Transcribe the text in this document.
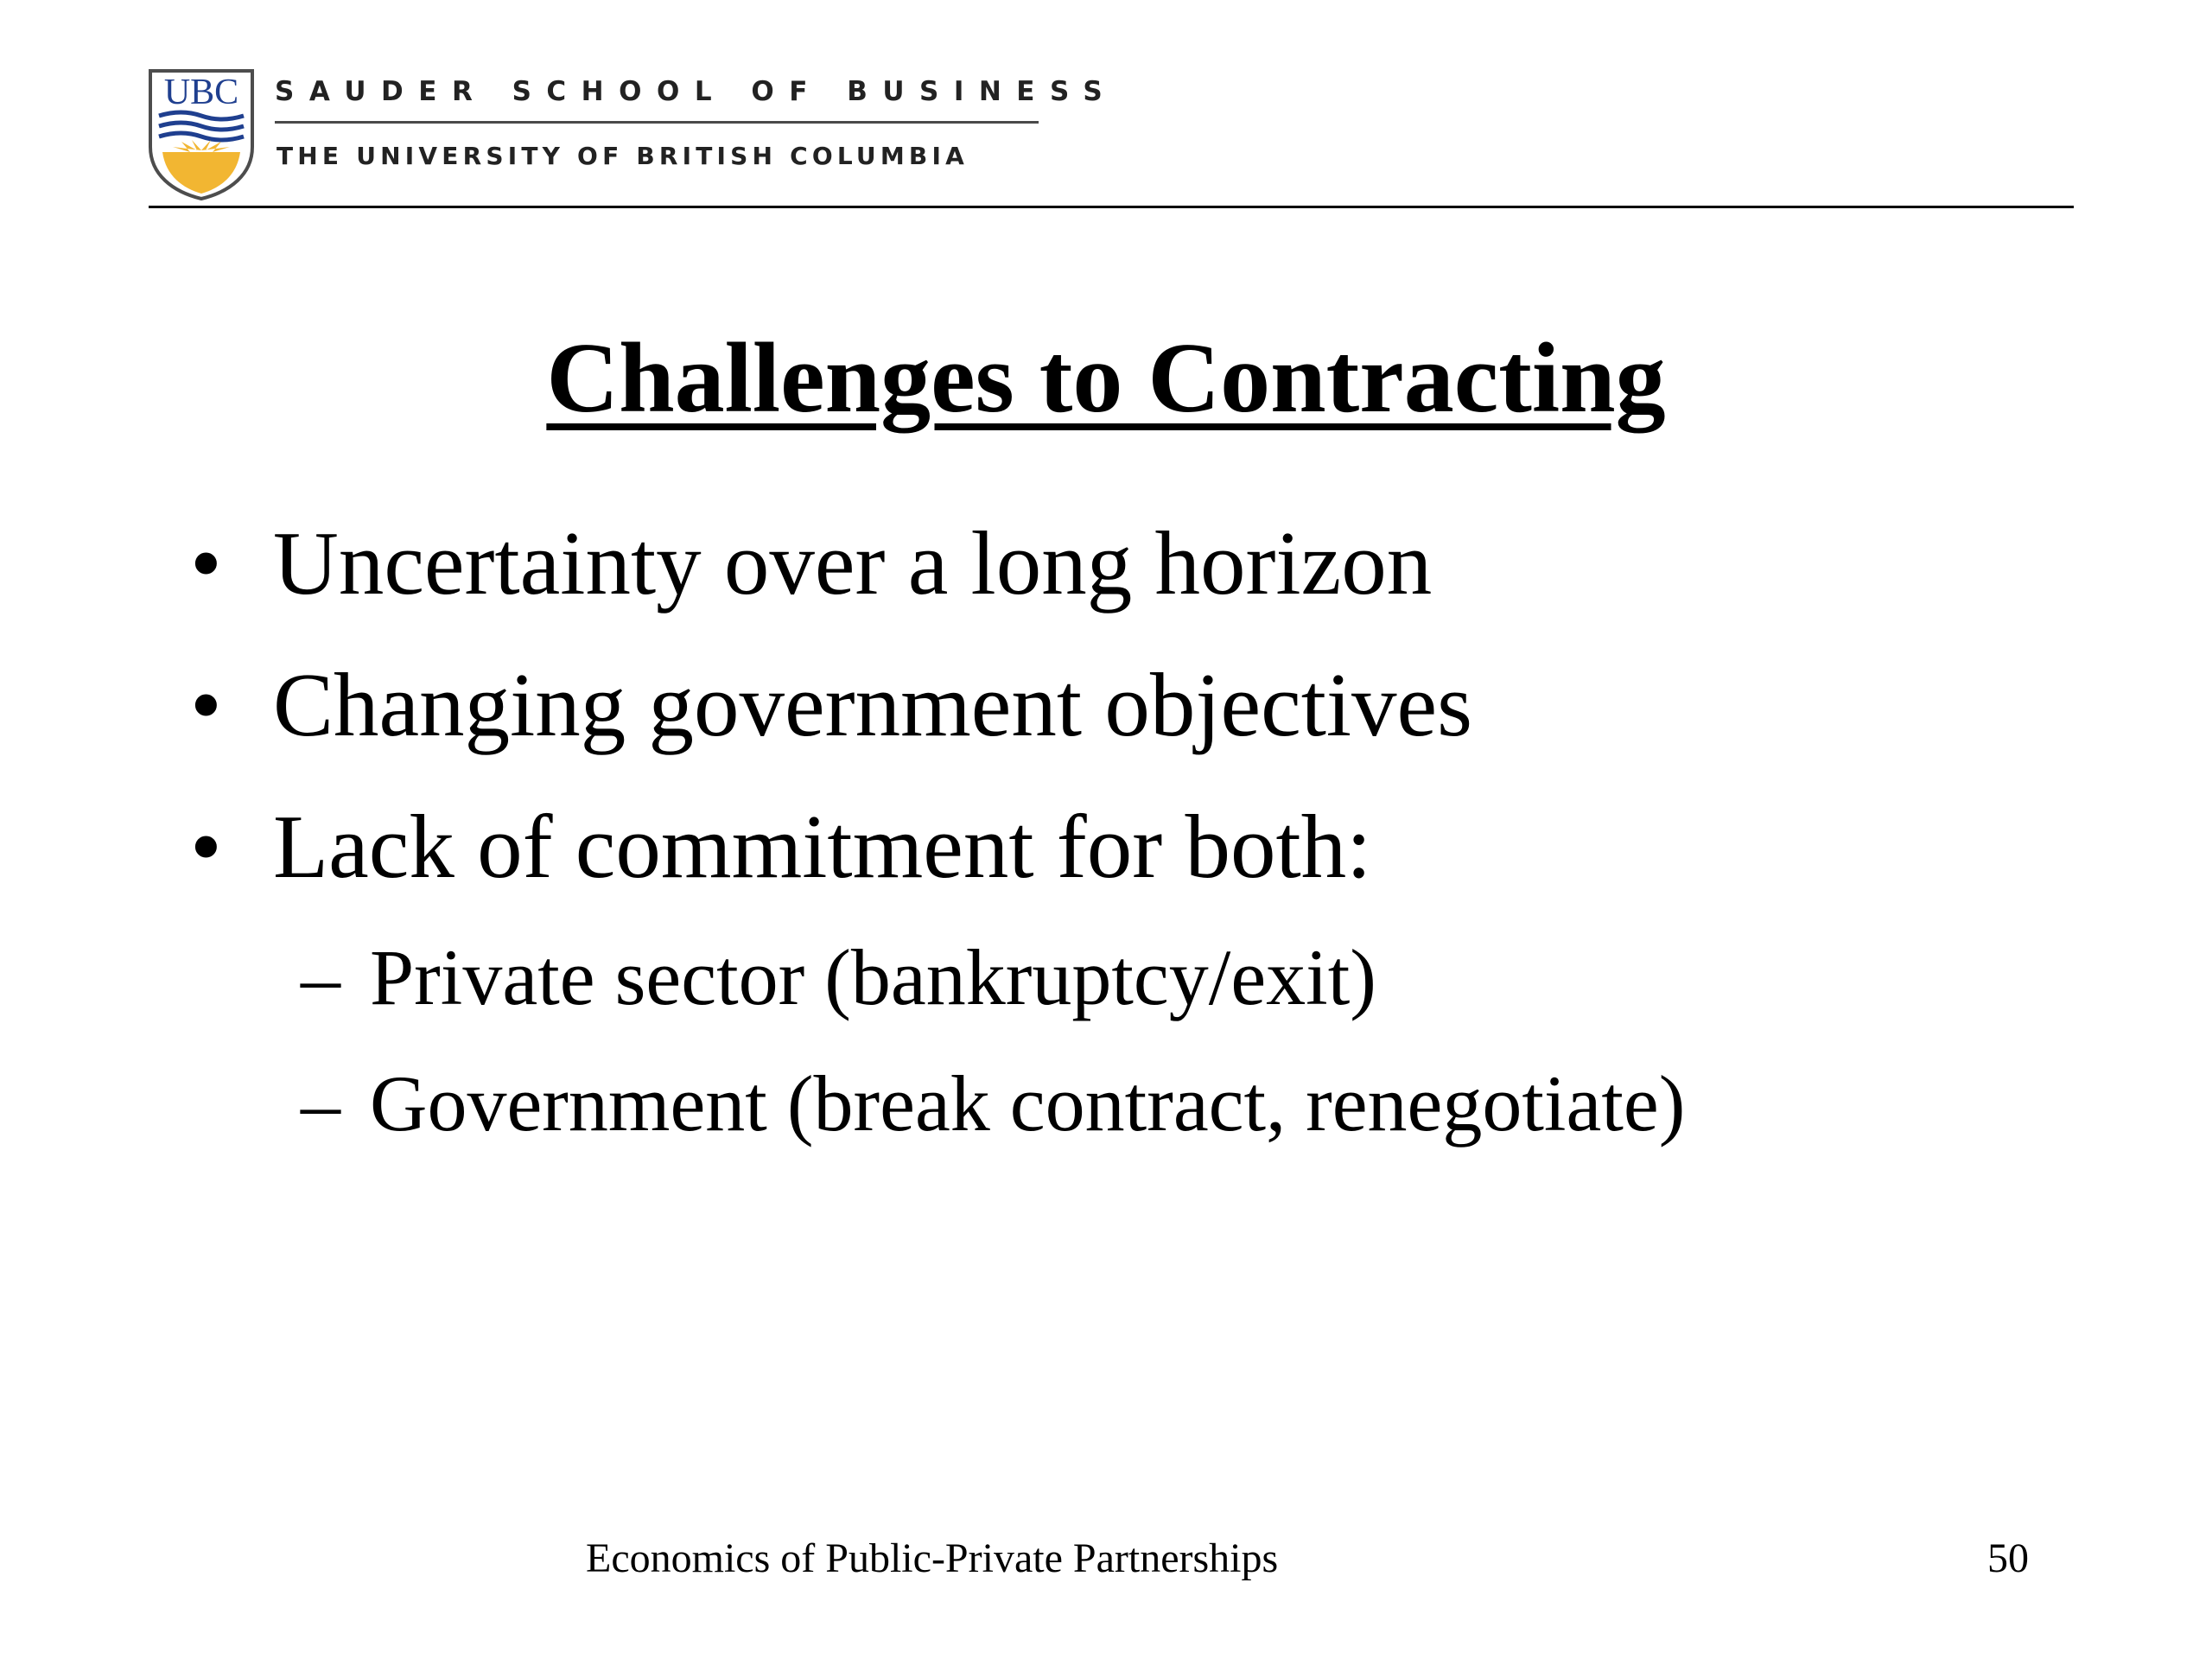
UBC SAUDER SCHOOL OF BUSINESS
THE UNIVERSITY OF BRITISH COLUMBIA
Challenges to Contracting
• Uncertainty over a long horizon
• Changing government objectives
• Lack of commitment for both:
– Private sector (bankruptcy/exit)
– Government (break contract, renegotiate)
Economics of Public-Private Partnerships	50
